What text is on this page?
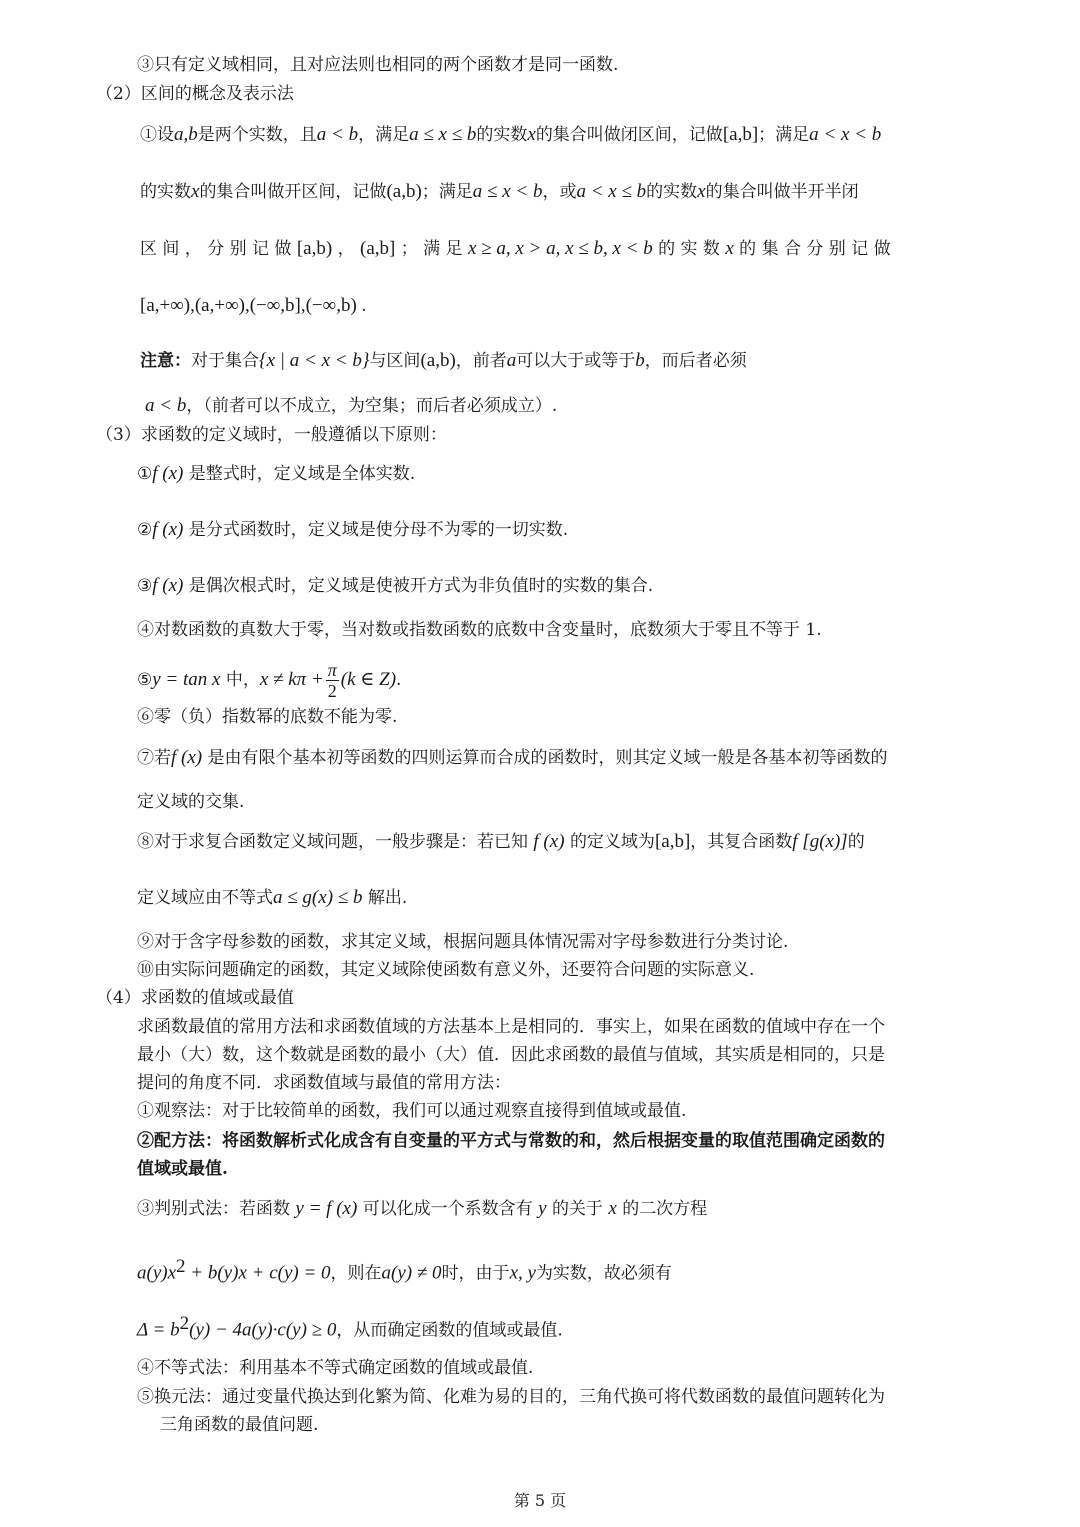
③只有定义域相同，且对应法则也相同的两个函数才是同一函数.
（2）区间的概念及表示法
①设a,b是两个实数，且a < b，满足a ≤ x ≤ b的实数x的集合叫做闭区间，记做[a,b]；满足a < x < b
的实数x的集合叫做开区间，记做(a,b)；满足a ≤ x < b，或a < x ≤ b的实数x的集合叫做半开半闭
区 间 ， 分 别 记 做 [a,b) ， (a,b] ； 满 足 x ≥ a, x > a, x ≤ b, x < b 的 实 数 x 的 集 合 分 别 记 做
[a,+∞),(a,+∞),(−∞,b],(−∞,b) .
注意：对于集合{x | a < x < b}与区间(a,b)，前者a可以大于或等于b，而后者必须
a < b，（前者可以不成立，为空集；而后者必须成立）.
（3）求函数的定义域时，一般遵循以下原则：
①f (x) 是整式时，定义域是全体实数.
②f (x) 是分式函数时，定义域是使分母不为零的一切实数.
③f (x) 是偶次根式时，定义域是使被开方式为非负值时的实数的集合.
④对数函数的真数大于零，当对数或指数函数的底数中含变量时，底数须大于零且不等于 1.
⑤y = tan x 中，$x \ne k\pi + \frac{\pi}{2} (k$ ∈ Z).
⑥零（负）指数幂的底数不能为零.
⑦若f (x) 是由有限个基本初等函数的四则运算而合成的函数时，则其定义域一般是各基本初等函数的
定义域的交集.
⑧对于求复合函数定义域问题，一般步骤是：若已知 f (x) 的定义域为[a,b]，其复合函数f [g(x)]的
定义域应由不等式a ≤ g(x) ≤ b 解出.
⑨对于含字母参数的函数，求其定义域，根据问题具体情况需对字母参数进行分类讨论.
⑩由实际问题确定的函数，其定义域除使函数有意义外，还要符合问题的实际意义.
（4）求函数的值域或最值
求函数最值的常用方法和求函数值域的方法基本上是相同的．事实上，如果在函数的值域中存在一个
最小（大）数，这个数就是函数的最小（大）值．因此求函数的最值与值域，其实质是相同的，只是
提问的角度不同．求函数值域与最值的常用方法：
①观察法：对于比较简单的函数，我们可以通过观察直接得到值域或最值.
②配方法：将函数解析式化成含有自变量的平方式与常数的和，然后根据变量的取值范围确定函数的
值域或最值.
③判别式法：若函数 y = f (x) 可以化成一个系数含有 y 的关于 x 的二次方程
$a(y)x^2 + b(y)x + c(y) = 0$，则在a(y) ≠ 0时，由于x, y为实数，故必须有
$\Delta = b^2(y) - 4a(y)\cdot c(y) \ge 0$，从而确定函数的值域或最值.
④不等式法：利用基本不等式确定函数的值域或最值.
⑤换元法：通过变量代换达到化繁为简、化难为易的目的，三角代换可将代数函数的最值问题转化为
三角函数的最值问题.
第 5 页
